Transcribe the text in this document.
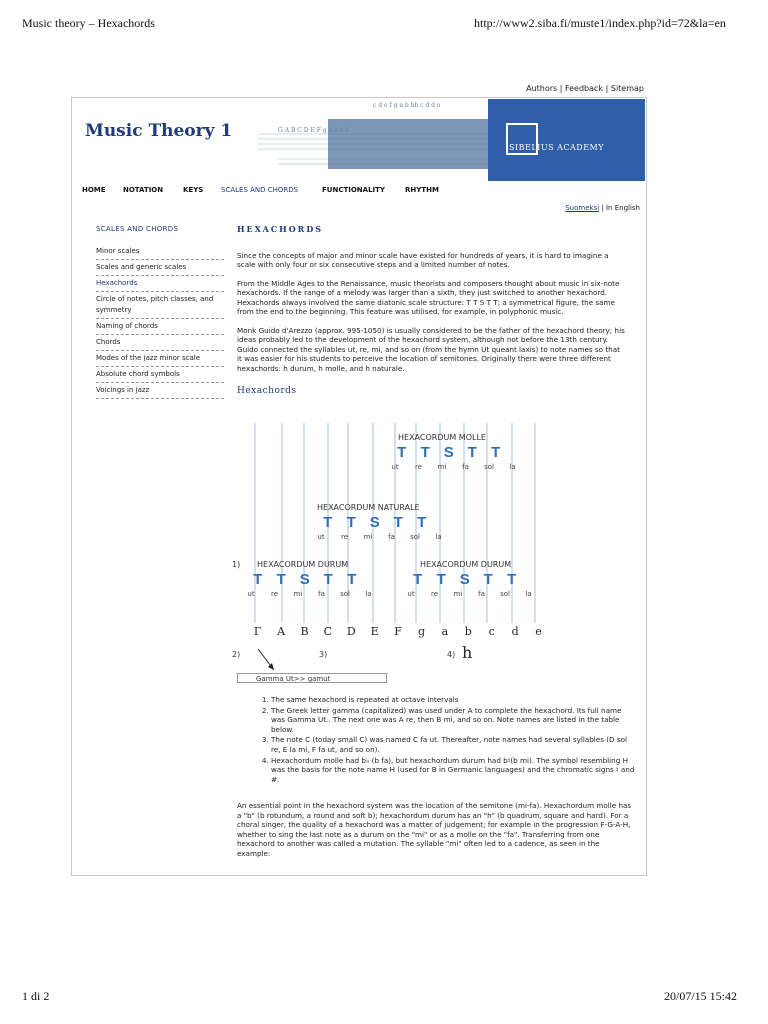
Music theory – Hexachords	http://www2.siba.fi/muste1/index.php?id=72&la=en
Authors | Feedback | Sitemap
Music Theory 1	G A B C D E F g a b c d
c d e f g a b bb c d d e
SIBELIUS ACADEMY
HOME NOTATION	KEYS	SCALES AND CHORDS	FUNCTIONALITY	RHYTHM
Suomeksi | In English
SCALES AND CHORDS
Minor scales
Scales and generic scales
Hexachords
Circle of notes, pitch classes, and symmetry
Naming of chords
Chords
Modes of the jazz minor scale
Absolute chord symbols
Voicings in jazz
HEXACHORDS

Since the concepts of major and minor scale have existed for hundreds of years, it is hard to imagine a scale with only four or six consecutive steps and a limited number of notes.

From the Middle Ages to the Renaissance, music theorists and composers thought about music in six-note hexachords. If the range of a melody was larger than a sixth, they just switched to another hexachord. Hexachords always involved the same diatonic scale structure: T T S T T; a symmetrical figure, the same from the end to the beginning. This feature was utilised, for example, in polyphonic music.

Monk Guido d'Arezzo (approx. 995-1050) is usually considered to be the father of the hexachord theory; his ideas probably led to the development of the hexachord system, although not before the 13th century. Guido connected the syllables ut, re, mi, and so on (from the hymn Ut queant laxis) to note names so that it was easier for his students to perceive the location of semitones. Originally there were three different hexachords: h durum, h molle, and h naturale.

Hexachords
HEXACORDUM MOLLE
T T S T T
ut	re	mi	fa	sol	la
HEXACORDUM NATURALE
T T S T T
ut	re	mi	fa	sol	la
1) HEXACORDUM DURUM	HEXACORDUM DURUM
T T S T T
ut	re	mi	fa	sol	la
T T S T T
ut	re	mi	fa	sol	la
Γ	A	B	C	D	E	F	g	a	b	c	d	e
2)	3)	4) h
Gamma Ut>> gamut
1. The same hexachord is repeated at octave intervals
2. The Greek letter gamma (capitalized) was used under A to complete the hexachord. Its full name was Gamma Ut.. The next one was A re, then B mi, and so on. Note names are listed in the table below.
3. The note C (today small C) was named C fa ut. Thereafter, note names had several syllables (D sol re, E la mi, F fa ut, and so on).
4. Hexachordum molle had b♭ (b fa), but hexachordum durum had b♮(b mi). The symbol resembling H was the basis for the note name H (used for B in Germanic languages) and the chromatic signs ♮ and #.

An essential point in the hexachord system was the location of the semitone (mi-fa). Hexachordum molle has a "b" (b rotundum, a round and soft b); hexachordum durum has an "h" (b quadrum, square and hard). For a choral singer, the quality of a hexachord was a matter of judgement; for example in the progression F-G-A-H, whether to sing the last note as a durum on the "mi" or as a molle on the "fa". Transferring from one hexachord to another was called a mutation. The syllable "mi" often led to a cadence, as seen in the example:

1 di 2	20/07/15 15:42
